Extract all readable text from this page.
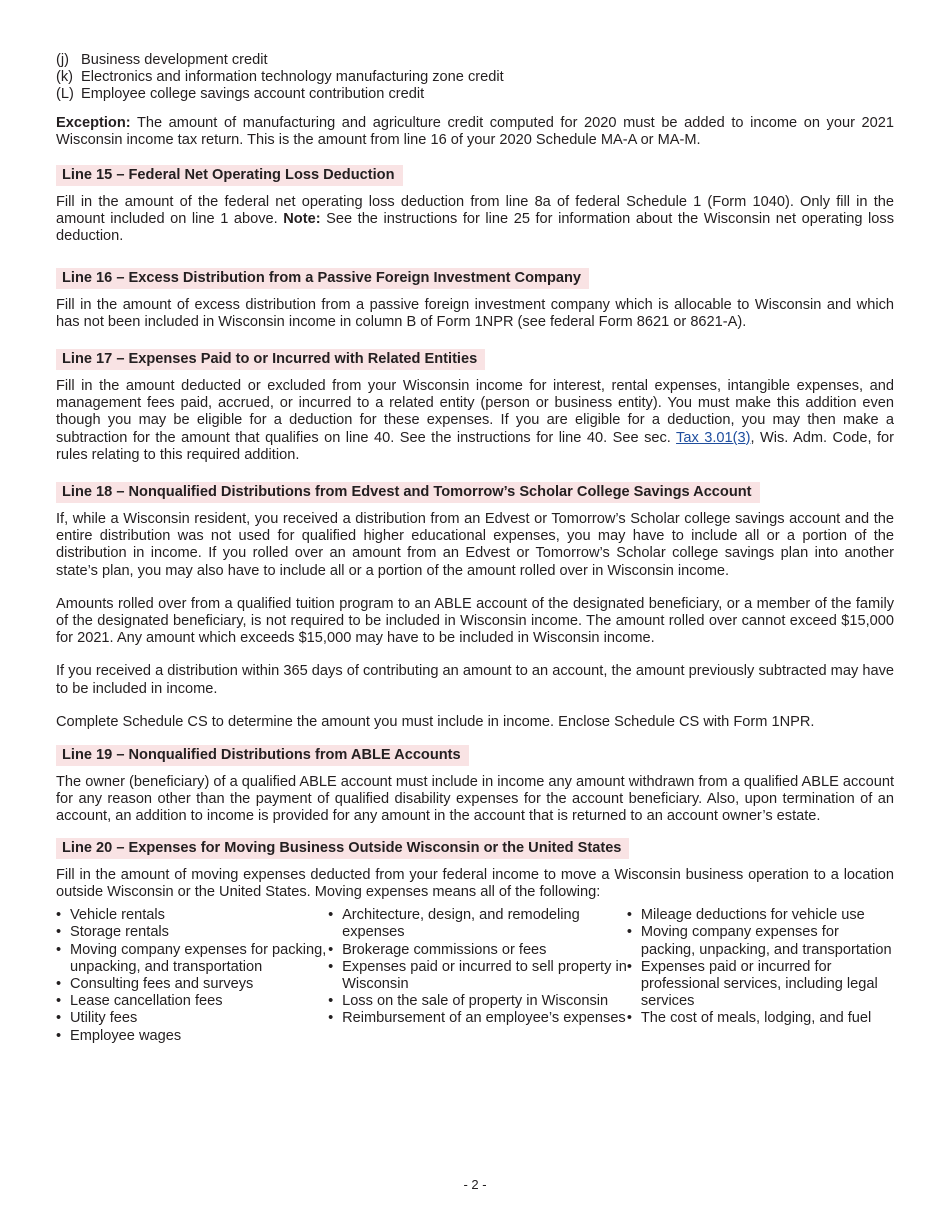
(j) Business development credit
(k) Electronics and information technology manufacturing zone credit
(L) Employee college savings account contribution credit

Exception: The amount of manufacturing and agriculture credit computed for 2020 must be added to income on your 2021 Wisconsin income tax return. This is the amount from line 16 of your 2020 Schedule MA-A or MA-M.

Line 15 – Federal Net Operating Loss Deduction

Fill in the amount of the federal net operating loss deduction from line 8a of federal Schedule 1 (Form 1040). Only fill in the amount included on line 1 above. Note: See the instructions for line 25 for information about the Wisconsin net operating loss deduction.

Line 16 – Excess Distribution from a Passive Foreign Investment Company

Fill in the amount of excess distribution from a passive foreign investment company which is allocable to Wisconsin and which has not been included in Wisconsin income in column B of Form 1NPR (see federal Form 8621 or 8621-A).

Line 17 – Expenses Paid to or Incurred with Related Entities

Fill in the amount deducted or excluded from your Wisconsin income for interest, rental expenses, intangible expenses, and management fees paid, accrued, or incurred to a related entity (person or business entity). You must make this addition even though you may be eligible for a deduction for these expenses. If you are eligible for a deduction, you may then make a subtraction for the amount that qualifies on line 40. See the instructions for line 40. See sec. Tax 3.01(3), Wis. Adm. Code, for rules relating to this required addition.

Line 18 – Nonqualified Distributions from Edvest and Tomorrow’s Scholar College Savings Account

If, while a Wisconsin resident, you received a distribution from an Edvest or Tomorrow’s Scholar college savings account and the entire distribution was not used for qualified higher educational expenses, you may have to include all or a portion of the distribution in income. If you rolled over an amount from an Edvest or Tomorrow’s Scholar college savings plan into another state’s plan, you may also have to include all or a portion of the amount rolled over in Wisconsin income.

Amounts rolled over from a qualified tuition program to an ABLE account of the designated beneficiary, or a member of the family of the designated beneficiary, is not required to be included in Wisconsin income. The amount rolled over cannot exceed $15,000 for 2021. Any amount which exceeds $15,000 may have to be included in Wisconsin income.

If you received a distribution within 365 days of contributing an amount to an account, the amount previously subtracted may have to be included in income.

Complete Schedule CS to determine the amount you must include in income. Enclose Schedule CS with Form 1NPR.

Line 19 – Nonqualified Distributions from ABLE Accounts

The owner (beneficiary) of a qualified ABLE account must include in income any amount withdrawn from a qualified ABLE account for any reason other than the payment of qualified disability expenses for the account beneficiary. Also, upon termination of an account, an addition to income is provided for any amount in the account that is returned to an account owner’s estate.

Line 20 – Expenses for Moving Business Outside Wisconsin or the United States

Fill in the amount of moving expenses deducted from your federal income to move a Wisconsin business operation to a location outside Wisconsin or the United States. Moving expenses means all of the following:

• Vehicle rentals
• Storage rentals
• Moving company expenses for packing, unpacking, and transportation
• Consulting fees and surveys
• Lease cancellation fees
• Utility fees
• Employee wages
• Architecture, design, and remodeling expenses
• Brokerage commissions or fees
• Expenses paid or incurred to sell property in Wisconsin
• Loss on the sale of property in Wisconsin
• Reimbursement of an employee’s expenses
• Mileage deductions for vehicle use
• Moving company expenses for packing, unpacking, and transportation
• Expenses paid or incurred for professional services, including legal services
• The cost of meals, lodging, and fuel
- 2 -
